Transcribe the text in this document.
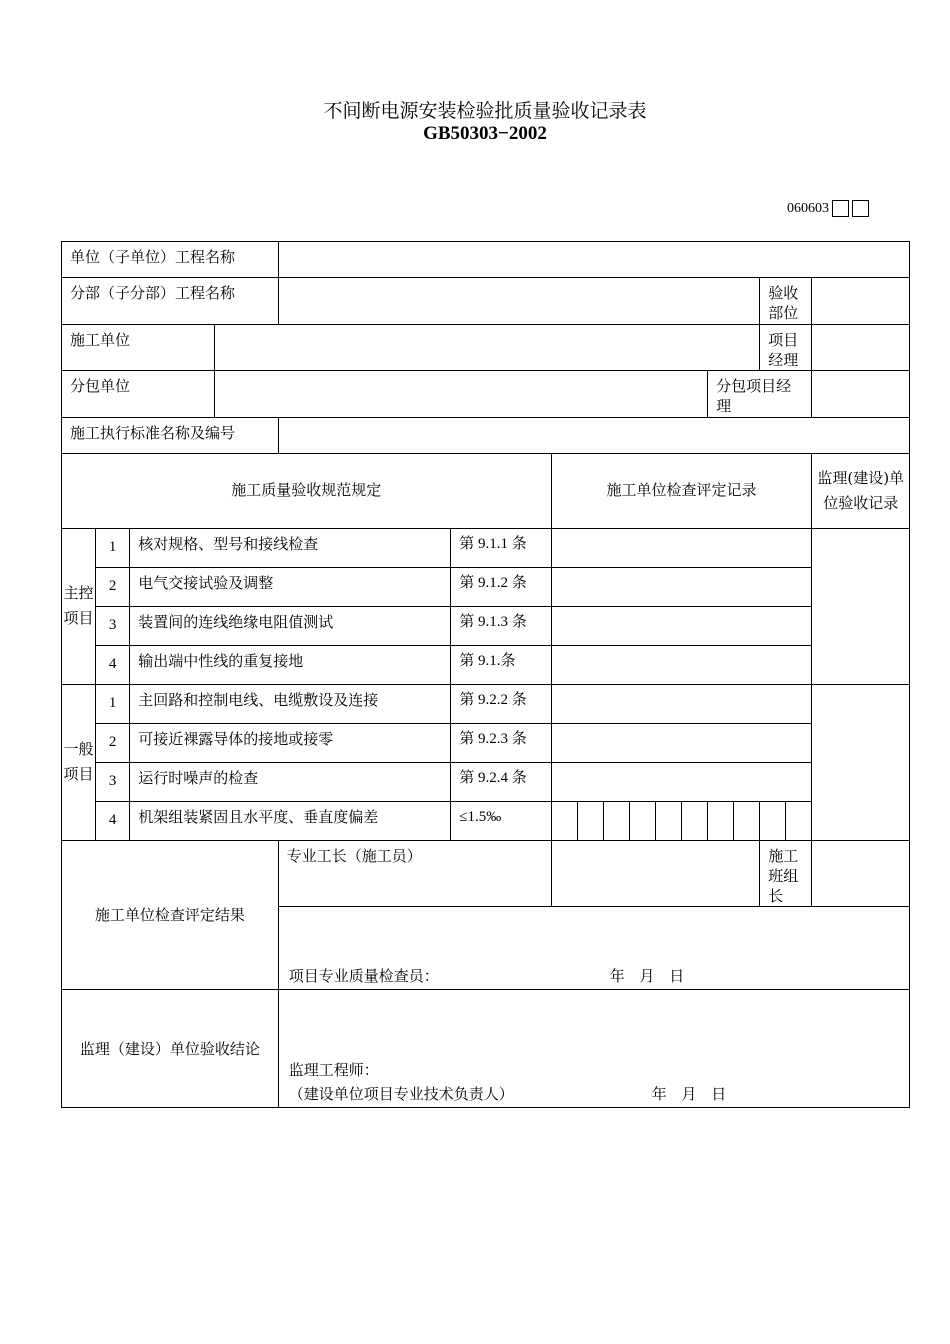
不间断电源安装检验批质量验收记录表
GB50303−2002
060603
单位（子单位）工程名称																
分部（子分部）工程名称														验收部位		
施工单位														项目经理		
分包单位												分包项目经理				
施工执行标准名称及编号																
施工质量验收规范规定						施工单位检查评定记录										监理(建设)单位验收记录
主控项目	1	核对规格、型号和接线检查			第 9.1.1 条											
	2	电气交接试验及调整			第 9.1.2 条											
	3	装置间的连线绝缘电阻值测试			第 9.1.3 条											
	4	输出端中性线的重复接地			第 9.1.条											
一般项目	1	主回路和控制电线、电缆敷设及连接			第 9.2.2 条											
	2	可接近裸露导体的接地或接零			第 9.2.3 条											
	3	运行时噪声的检查			第 9.2.4 条											
	4	机架组装紧固且水平度、垂直度偏差			≤1.5‰											
施工单位检查评定结果				专业工长（施工员）										施工班组长		

				项目专业质量检查员： 年 月 日												

监理（建设）单位验收结论				监理工程师：
（建设单位项目专业技术负责人） 年 月 日												
